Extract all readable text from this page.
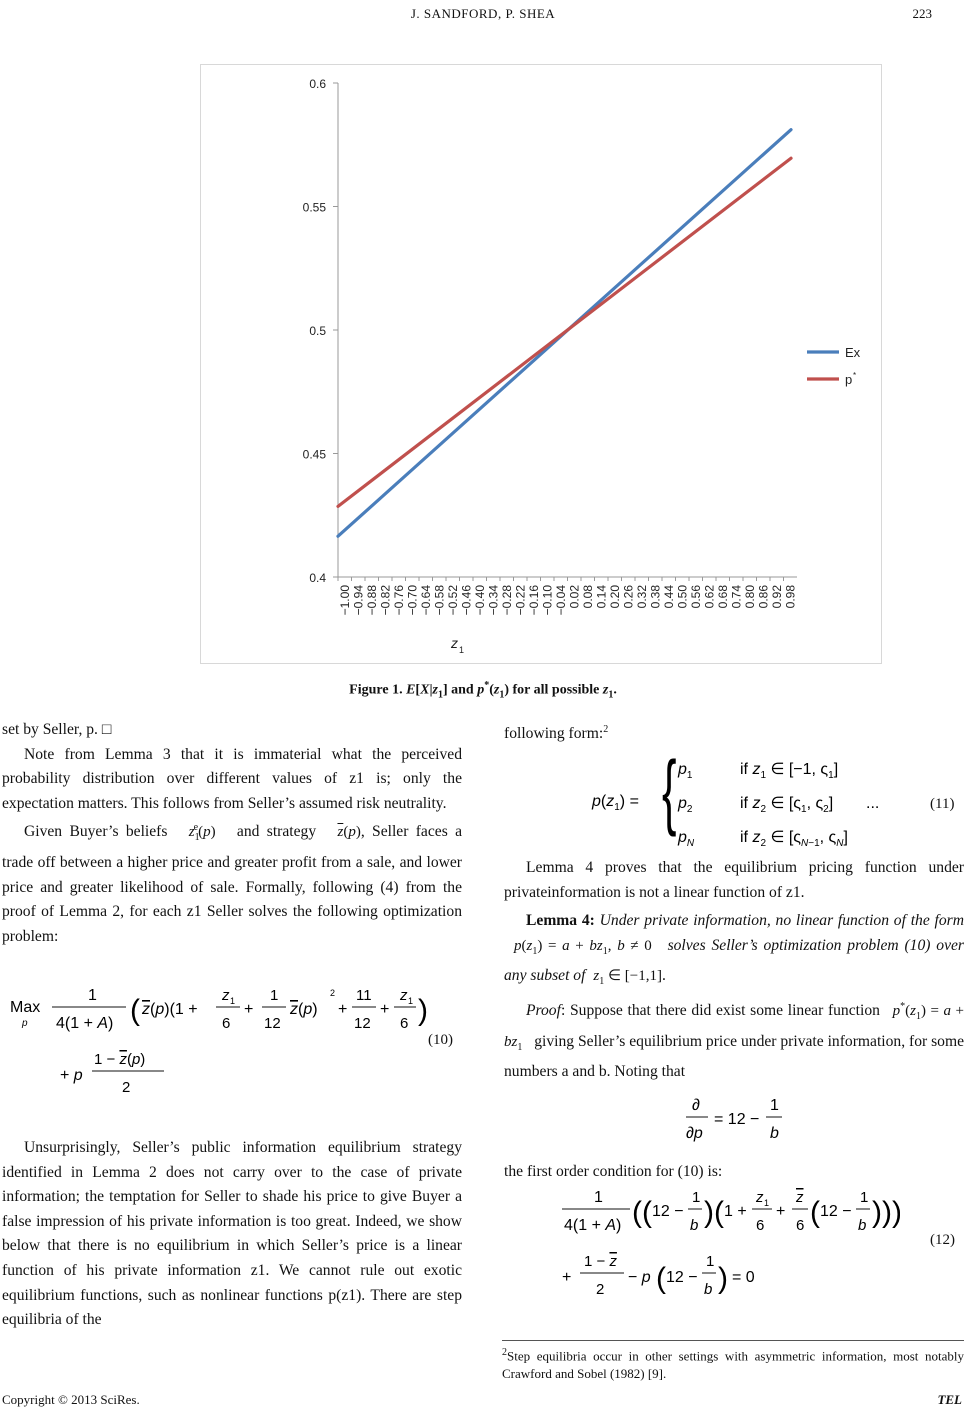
J. SANDFORD, P. SHEA	223
0.4
0.45
0.5
0.55
0.6
−1.00 −0.94 −0.88 −0.82 −0.76 −0.70 −0.64 −0.58 −0.52 −0.46 −0.40 −0.34 −0.28 −0.22 −0.16 −0.10 −0.04 0.02 0.08 0.14 0.20 0.26 0.32 0.38 0.44 0.50 0.56 0.62 0.68 0.74 0.80 0.86 0.92 0.98
z 1
Ex
p *
Figure 1. $E[X|z_1]$ and $p^*(z_1)$ for all possible $z_1$.

set by Seller, p. □

Note from Lemma 3 that it is immaterial what the perceived probability distribution over different values of z1 is; only the expectation matters. This follows from Seller’s assumed risk neutrality.

Given Buyer’s beliefs $z_1^e(p)$ and strategy $\overline{z}(p)$, Seller faces a trade off between a higher price and greater profit from a sale, and lower price and greater likelihood of sale. Formally, following (4) from the proof of Lemma 2, for each z1 Seller solves the following optimization problem:

Max
p
1
4(1 + A) ( z(p)(1 +
z 1
6
+
1
12
z(p)
2
+
11
12
+
z 1
6 )
+ p
1 − z(p)
2
(10)

Unsurprisingly, Seller’s public information equilibrium strategy identified in Lemma 2 does not carry over to the case of private information; the temptation for Seller to shade his price to give Buyer a false impression of his private information is too great. Indeed, we show below that there is no equilibrium in which Seller’s price is a linear function of his private information z1. We cannot rule out exotic equilibrium functions, such as nonlinear functions p(z1). There are step equilibria of the

following form:$^2$

$p(z_1)$ = { $p_1$	if $z_1$ ∈ [−1, $\varsigma_1$]
$p_2$	if $z_2$ ∈ [$\varsigma_1$, $\varsigma_2$] ...
$p_N$	if $z_2$ ∈ [$\varsigma_N-1$, $\varsigma_N$]
(11)

Lemma 4 proves that the equilibrium pricing function under privateinformation is not a linear function of z1.

Lemma 4: Under private information, no linear function of the form $p(z_1) = a + bz_1$, b ≠ 0 solves Seller’s optimization problem (10) over any subset of $z_1$ ∈ [−1,1].

Proof: Suppose that there did exist some linear function $p^*(z_1) = a + bz_1$ giving Seller’s equilibrium price under private information, for some numbers a and b. Noting that

∂
∂p
= 12 −
1
b

the first order condition for (10) is:

1
4(1 + A) (( 12 −
1
b )( 1 +
z 1
6
+
z
6 ( 12 −
1
b )))
+
1 − z
2
− p ( 12 −
1
b ) = 0
(12)
$^2$Step equilibria occur in other settings with asymmetric information, most notably Crawford and Sobel (1982) [9].
Copyright © 2013 SciRes.	TEL
